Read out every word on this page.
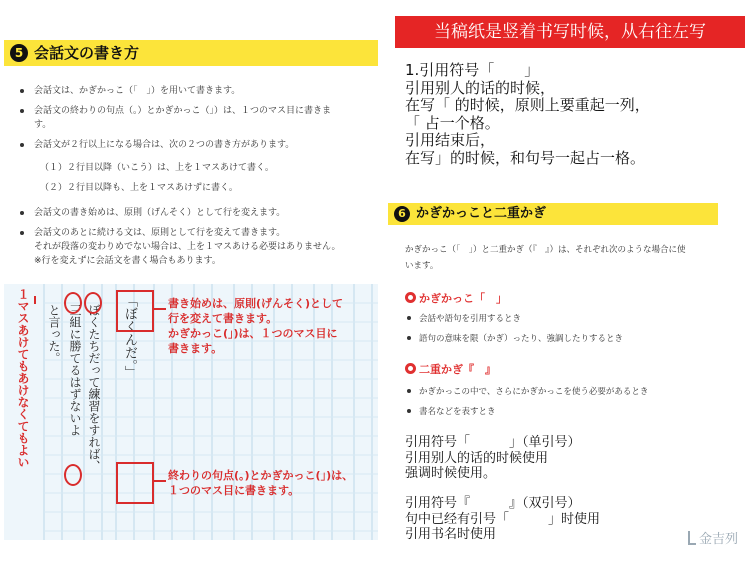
5 会話文の書き方
会話文は、かぎかっこ（「　」）を用いて書きます。
会話文の終わりの句点（。）とかぎかっこ（」）は、１つのマス目に書きま
す。
会話文が２行以上になる場合は、次の２つの書き方があります。
（１）２行目以降（いこう）は、上を１マスあけて書く。
（２）２行目以降も、上を１マスあけずに書く。
会話文の書き始めは、原則（げんそく）として行を変えます。
会話文のあとに続ける文は、原則として行を変えて書きます。
それが段落の変わりめでない場合は、上を１マスあける必要はありません。
※行を変えずに会話文を書く場合もあります。
１マスあけてもあけなくてもよい と言った。 三組に勝てるはずないよ ぼくたちだって練習をすれば、 「ぼくんだ。」	書き始めは、原則(げんそく)として
行を変えて書きます。
かぎかっこ(」)は、１つのマス目に
書きます。
終わりの句点(。)とかぎかっこ(」)は、
１つのマス目に書きます。
当稿纸是竖着书写时候，从右往左写
1.引用符号「　　」
引用别人的话的时候，
在写「 的时候，原则上要重起一列，
「 占一个格。
引用结束后，
在写」的时候，和句号一起占一格。
6 かぎかっこと二重かぎ
かぎかっこ（「　」）と二重かぎ（『　』）は、それぞれ次のような場合に使
います。
かぎかっこ「　」
会話や語句を引用するとき
語句の意味を限（かぎ）ったり、強調したりするとき
二重かぎ『　』
かぎかっこの中で、さらにかぎかっこを使う必要があるとき
書名などを表すとき
引用符号「　　　」（单引号）
引用别人的话的时候使用
强调时候使用。
引用符号『　　　』（双引号）
句中已经有引号「　　　」时使用
引用书名时使用	金吉列
